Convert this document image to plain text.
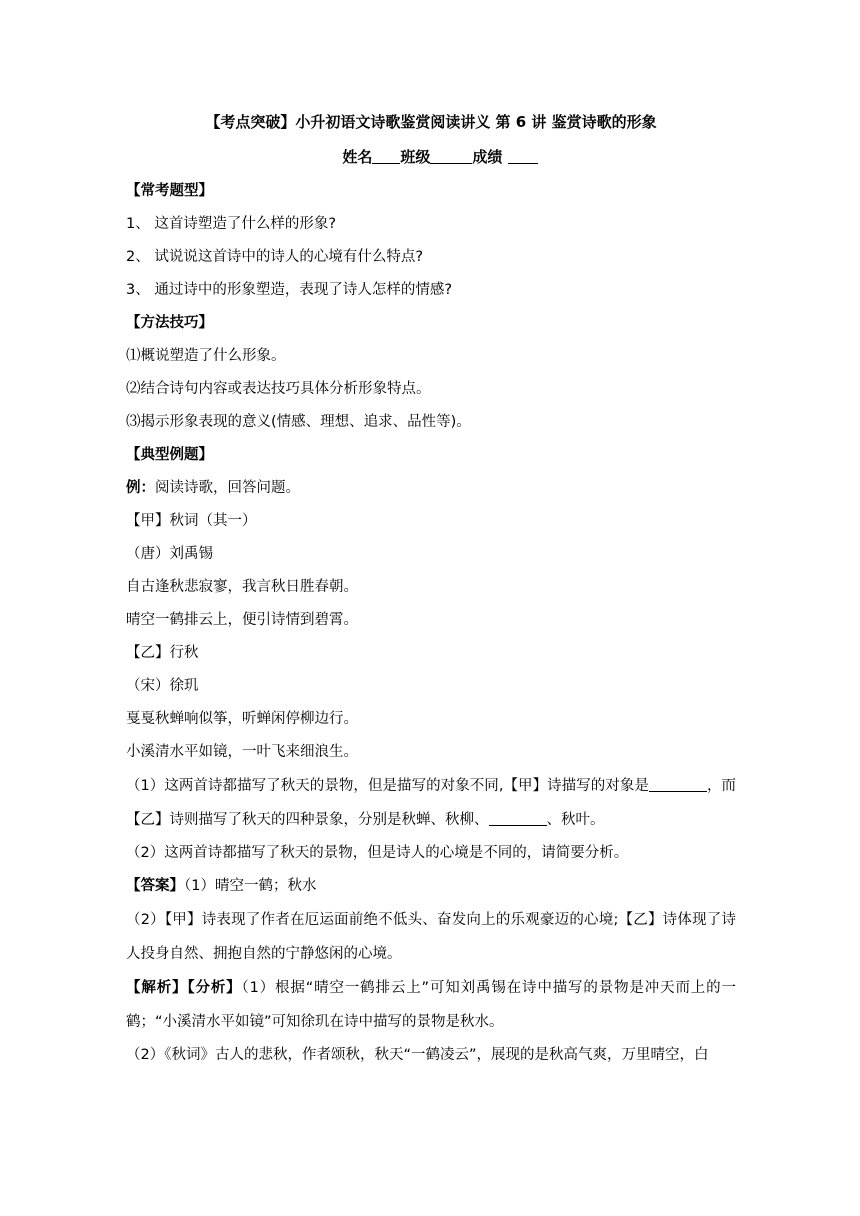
【考点突破】小升初语文诗歌鉴赏阅读讲义 第 6 讲 鉴赏诗歌的形象
姓名 班级	成绩
【常考题型】
1、 这首诗塑造了什么样的形象?
2、 试说说这首诗中的诗人的心境有什么特点?
3、 通过诗中的形象塑造，表现了诗人怎样的情感?
【方法技巧】
⑴概说塑造了什么形象。
⑵结合诗句内容或表达技巧具体分析形象特点。
⑶揭示形象表现的意义(情感、理想、追求、品性等)。
【典型例题】
例：阅读诗歌，回答问题。
【甲】秋词（其一）
（唐）刘禹锡
自古逢秋悲寂寥，我言秋日胜春朝。
晴空一鹤排云上，便引诗情到碧霄。
【乙】行秋
（宋）徐玑
戛戛秋蝉响似筝，听蝉闲停柳边行。
小溪清水平如镜，一叶飞来细浪生。
（1）这两首诗都描写了秋天的景物，但是描写的对象不同,【甲】诗描写的对象是	，而【乙】诗则描写了秋天的四种景象，分别是秋蝉、秋柳、	、秋叶。
（2）这两首诗都描写了秋天的景物，但是诗人的心境是不同的，请简要分析。
【答案】（1）晴空一鹤；秋水
（2）【甲】诗表现了作者在厄运面前绝不低头、奋发向上的乐观豪迈的心境;【乙】诗体现了诗人投身自然、拥抱自然的宁静悠闲的心境。
【解析】【分析】（1）根据“晴空一鹤排云上”可知刘禹锡在诗中描写的景物是冲天而上的一鹤；“小溪清水平如镜”可知徐玑在诗中描写的景物是秋水。
（2）《秋词》古人的悲秋，作者颂秋，秋天“一鹤凌云”，展现的是秋高气爽，万里晴空，白
